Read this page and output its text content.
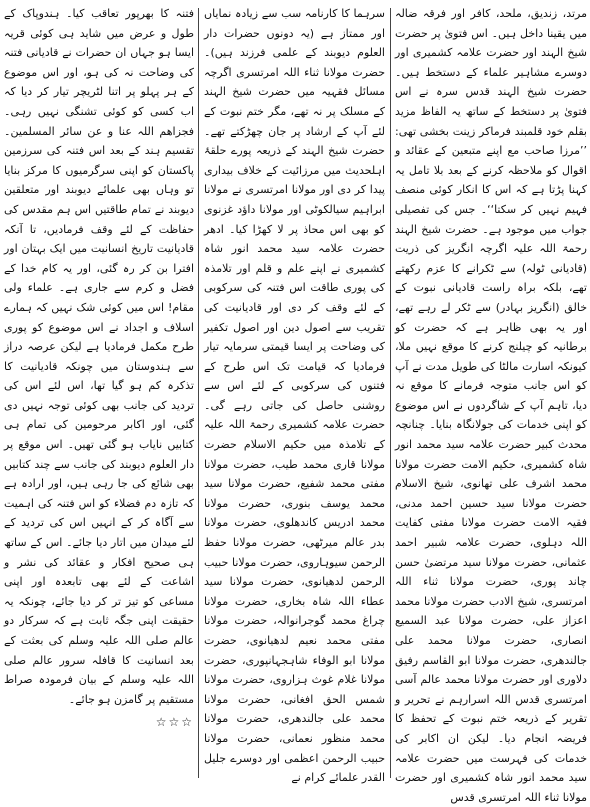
مرتد، زندیق، ملحد، کافر اور فرقہ ضالہ میں یقینا داخل ہیں۔ اس فتویٰ پر حضرت شیخ الہند اور حضرت علامہ کشمیری اور دوسرے مشاہیر علماء کے دستخط ہیں۔ حضرت شیخ الہند قدس سرہ نے اس فتویٰ پر دستخط کے ساتھ یہ الفاظ مزید بقلم خود قلمبند فرماکر زینت بخشی تھی: ’’مرزا صاحب مع اپنے متبعین کے عقائد و اقوال کو ملاحظہ کرنے کے بعد بلا تامل یہ کہنا پڑتا ہے کہ اس کا انکار کوئی منصف فہیم نہیں کر سکتا‘‘۔ جس کی تفصیلی جواب میں موجود ہے۔ حضرت شیخ الہند رحمۃ اللہ علیہ اگرچہ انگریز کی ذریت (قادیانی ٹولہ) سے ٹکرانے کا عزم رکھتے تھے، بلکہ براہ راست قادیانی نبوت کے خالق (انگریز بہادر) سے ٹکر لے رہے تھے، اور یہ بھی ظاہر ہے کہ حضرت کو برطانیہ کو چیلنج کرنے کا موقع نہیں ملا، کیونکہ اسارت مالٹا کی طویل مدت نے آپ کو اس جانب متوجہ فرمانے کا موقع نہ دیا، تاہم آپ کے شاگردوں نے اس موضوع کو اپنی خدمات کی جولانگاہ بنایا۔ چنانچہ محدث کبیر حضرت علامہ سید محمد انور شاہ کشمیری، حکیم الامت حضرت مولانا محمد اشرف علی تھانوی، شیخ الاسلام حضرت مولانا سید حسین احمد مدنی، فقیہ الامت حضرت مولانا مفتی کفایت اللہ دہلوی، حضرت علامہ شبیر احمد عثمانی، حضرت مولانا سید مرتضیٰ حسن چاند پوری، حضرت مولانا ثناء اللہ امرتسری، شیخ الادب حضرت مولانا محمد اعزاز علی، حضرت مولانا عبد السمیع انصاری، حضرت مولانا محمد علی جالندھری، حضرت مولانا ابو القاسم رفیق دلاوری اور حضرت مولانا محمد عالم آسی امرتسری قدس اللہ اسرارہم نے تحریر و تقریر کے ذریعہ ختم نبوت کے تحفظ کا فریضہ انجام دیا۔ لیکن ان اکابر کی خدمات کی فہرست میں حضرت علامہ سید محمد انور شاہ کشمیری اور حضرت مولانا ثناء اللہ امرتسری قدس

سرہما کا کارنامہ سب سے زیادہ نمایاں اور ممتاز ہے (یہ دونوں حضرات دار العلوم دیوبند کے علمی فرزند ہیں)۔ حضرت مولانا ثناء اللہ امرتسری اگرچہ مسائل فقہیہ میں حضرت شیخ الہند کے مسلک پر نہ تھے، مگر ختم نبوت کے لئے آپ کے ارشاد پر جان چھڑکتے تھے۔ حضرت شیخ الہند کے ذریعہ پورے حلقۂ اہلحدیث میں مرزائیت کے خلاف بیداری پیدا کر دی اور مولانا امرتسری نے مولانا ابراہیم سیالکوٹی اور مولانا داؤد غزنوی کو بھی اس محاذ پر لا کھڑا کیا۔ ادھر حضرت علامہ سید محمد انور شاہ کشمیری نے اپنے علم و قلم اور تلامذہ کی پوری طاقت اس فتنہ کی سرکوبی کے لئے وقف کر دی اور قادیانیت کی تقریب سے اصول دین اور اصول تکفیر کی وضاحت پر ایسا قیمتی سرمایہ تیار فرمادیا کہ قیامت تک اس طرح کے فتنوں کی سرکوبی کے لئے اس سے روشنی حاصل کی جاتی رہے گی۔ حضرت علامہ کشمیری رحمۃ اللہ علیہ کے تلامذہ میں حکیم الاسلام حضرت مولانا قاری محمد طیب، حضرت مولانا مفتی محمد شفیع، حضرت مولانا سید محمد یوسف بنوری، حضرت مولانا محمد ادریس کاندھلوی، حضرت مولانا بدر عالم میرٹھی، حضرت مولانا حفظ الرحمن سیوہاروی، حضرت مولانا حبیب الرحمن لدھیانوی، حضرت مولانا سید عطاء اللہ شاہ بخاری، حضرت مولانا چراغ محمد گوجرانوالہ، حضرت مولانا مفتی محمد نعیم لدھیانوی، حضرت مولانا ابو الوفاء شاہجہانپوری، حضرت مولانا غلام غوث ہزاروی، حضرت مولانا شمس الحق افغانی، حضرت مولانا محمد علی جالندھری، حضرت مولانا محمد منظور نعمانی، حضرت مولانا حبیب الرحمن اعظمی اور دوسرے جلیل القدر علمائے کرام نے

فتنہ کا بھرپور تعاقب کیا۔ ہندوپاک کے طول و عرض میں شاید ہی کوئی قریہ ایسا ہو جہاں ان حضرات نے قادیانی فتنہ کی وضاحت نہ کی ہو، اور اس موضوع کے ہر پہلو پر اتنا لٹریچر تیار کر دیا کہ اب کسی کو کوئی تشنگی نہیں رہی۔ فجزاھم اللہ عنا و عن سائر المسلمین۔ تقسیم ہند کے بعد اس فتنہ کی سرزمین پاکستان کو اپنی سرگرمیوں کا مرکز بنایا تو وہاں بھی علمائے دیوبند اور متعلقین دیوبند نے تمام طاقتیں اس ہم مقدس کی حفاظت کے لئے وقف فرمادیں، تا آنکہ قادیانیت تاریخ انسانیت میں ایک بہتان اور افترا بن کر رہ گئی، اور یہ کام خدا کے فضل و کرم سے جاری ہے۔ علماء ولی مقام! اس میں کوئی شک نہیں کہ ہمارے اسلاف و اجداد نے اس موضوع کو پوری طرح مکمل فرمادیا ہے لیکن عرصہ دراز سے ہندوستان میں چونکہ قادیانیت کا تذکرہ کم ہو گیا تھا، اس لئے اس کی تردید کی جانب بھی کوئی توجہ نہیں دی گئی، اور اکابر مرحومین کی تمام ہی کتابیں نایاب ہو گئی تھیں۔ اس موقع پر دار العلوم دیوبند کی جانب سے چند کتابیں بھی شائع کی جا رہی ہیں، اور ارادہ ہے کہ تازہ دم فضلاء کو اس فتنہ کی اہمیت سے آگاہ کر کے انہیں اس کی تردید کے لئے میدان میں اتار دیا جائے۔ اس کے ساتھ ہی صحیح افکار و عقائد کی نشر و اشاعت کے لئے بھی تابعدہ اور اپنی مساعی کو تیز تر کر دیا جائے، چونکہ یہ حقیقت اپنی جگہ ثابت ہے کہ سرکار دو عالم صلی اللہ علیہ وسلم کی بعثت کے بعد انسانیت کا قافلہ سرور عالم صلی اللہ علیہ وسلم کے بیان فرمودہ صراط مستقیم پر گامزن ہو جائے۔

☆☆☆
